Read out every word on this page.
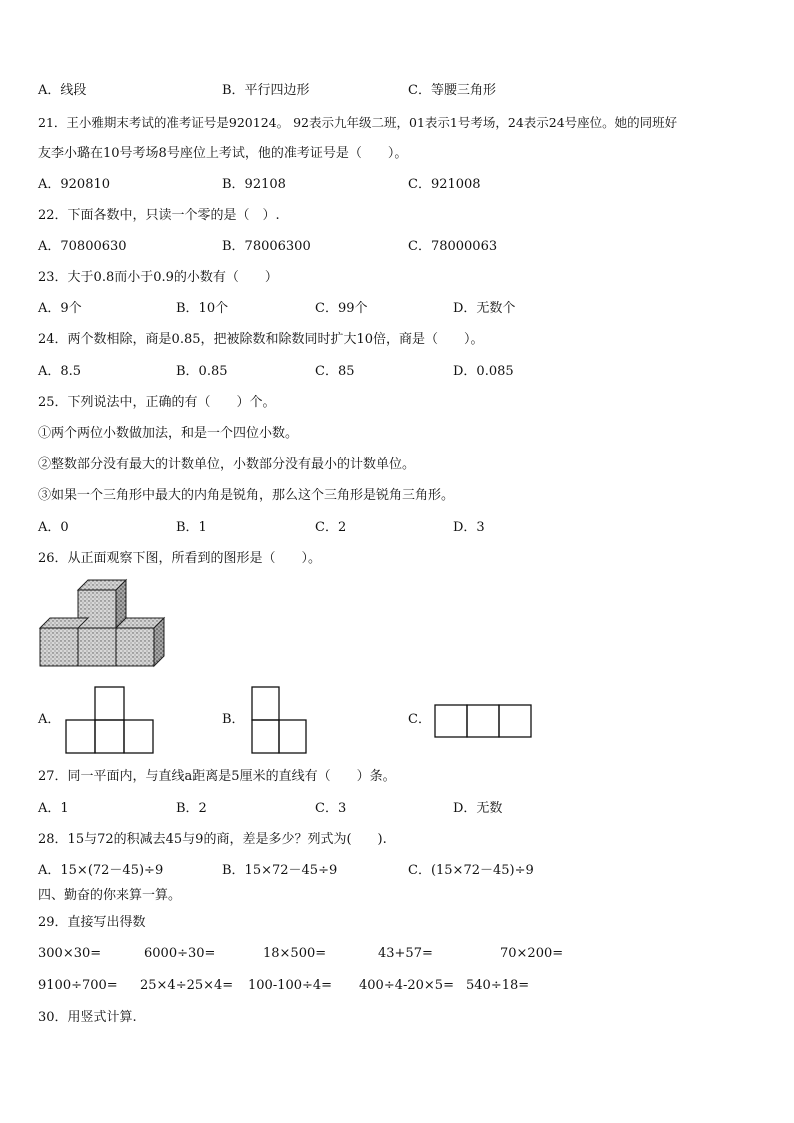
A．线段	B．平行四边形	C．等腰三角形
21．王小雅期末考试的准考证号是920124。 92表示九年级二班，01表示1号考场，24表示24号座位。她的同班好
友李小璐在10号考场8号座位上考试，他的准考证号是（　　）。
A．920810	B．92108	C．921008
22．下面各数中，只读一个零的是（　）.
A．70800630	B．78006300	C．78000063
23．大于0.8而小于0.9的小数有（　　）
A．9个	B．10个	C．99个	D．无数个
24．两个数相除，商是0.85，把被除数和除数同时扩大10倍，商是（　　）。
A．8.5	B．0.85	C．85	D．0.085
25．下列说法中，正确的有（　　）个。
①两个两位小数做加法，和是一个四位小数。
②整数部分没有最大的计数单位，小数部分没有最小的计数单位。
③如果一个三角形中最大的内角是锐角，那么这个三角形是锐角三角形。
A．0	B．1	C．2	D．3
26．从正面观察下图，所看到的图形是（　　）。
A．	B．	C．
27．同一平面内，与直线a距离是5厘米的直线有（　　）条。
A．1	B．2	C．3	D．无数
28．15与72的积减去45与9的商，差是多少？列式为(　　).
A．15×(72－45)÷9	B．15×72－45÷9	C．(15×72－45)÷9
四、勤奋的你来算一算。
29．直接写出得数
300×30=	6000÷30=	18×500=	43+57=	70×200=
9100÷700= 25×4÷25×4= 100-100÷4= 400÷4-20×5= 540÷18=
30．用竖式计算.
